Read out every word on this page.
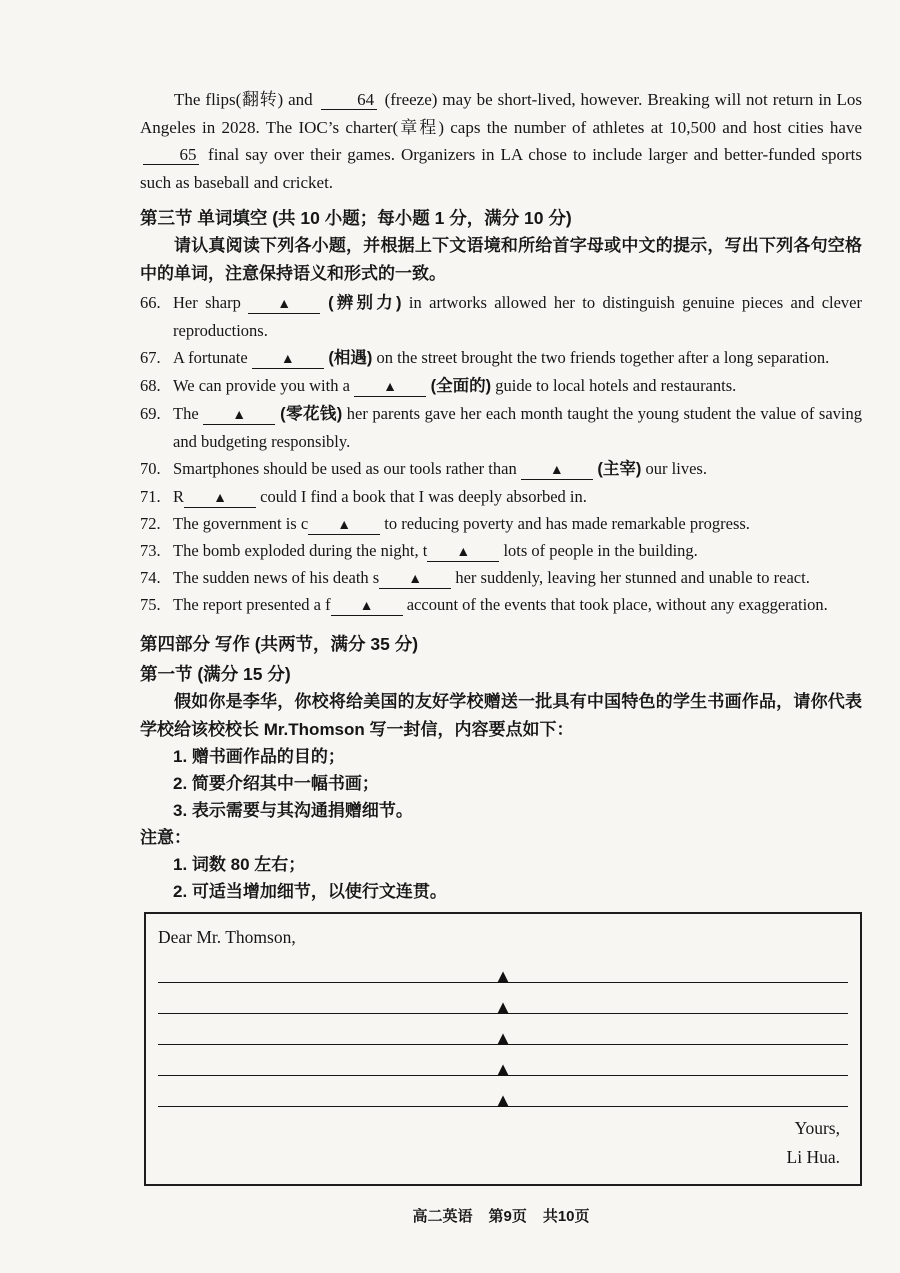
The flips(翻转) and	64 (freeze) may be short-lived, however. Breaking will not return in Los Angeles in 2028. The IOC’s charter(章程) caps the number of athletes at 10,500 and host cities have 65 final say over their games. Organizers in LA chose to include larger and better-funded sports such as baseball and cricket.

第三节 单词填空 (共 10 小题；每小题 1 分，满分 10 分)

请认真阅读下列各小题，并根据上下文语境和所给首字母或中文的提示，写出下列各句空格中的单词，注意保持语义和形式的一致。

66. Her sharp ▲ (辨别力) in artworks allowed her to distinguish genuine pieces and clever reproductions.
67. A fortunate ▲ (相遇) on the street brought the two friends together after a long separation.
68. We can provide you with a ▲ (全面的) guide to local hotels and restaurants.
69. The ▲ (零花钱) her parents gave her each month taught the young student the value of saving and budgeting responsibly.
70. Smartphones should be used as our tools rather than ▲ (主宰) our lives.
71. R ▲ could I find a book that I was deeply absorbed in.
72. The government is c ▲ to reducing poverty and has made remarkable progress.
73. The bomb exploded during the night, t ▲ lots of people in the building.
74. The sudden news of his death s ▲ her suddenly, leaving her stunned and unable to react.
75. The report presented a f ▲ account of the events that took place, without any exaggeration.
第四部分 写作 (共两节，满分 35 分)
第一节 (满分 15 分)

假如你是李华，你校将给美国的友好学校赠送一批具有中国特色的学生书画作品，请你代表学校给该校校长 Mr.Thomson 写一封信，内容要点如下：

1. 赠书画作品的目的；
2. 简要介绍其中一幅书画；
3. 表示需要与其沟通捐赠细节。

注意：

1. 词数 80 左右；
2. 可适当增加细节，以使行文连贯。

Dear Mr. Thomson,

▲
▲
▲
▲
▲

Yours,

Li Hua.

高二英语 第9页 共10页
